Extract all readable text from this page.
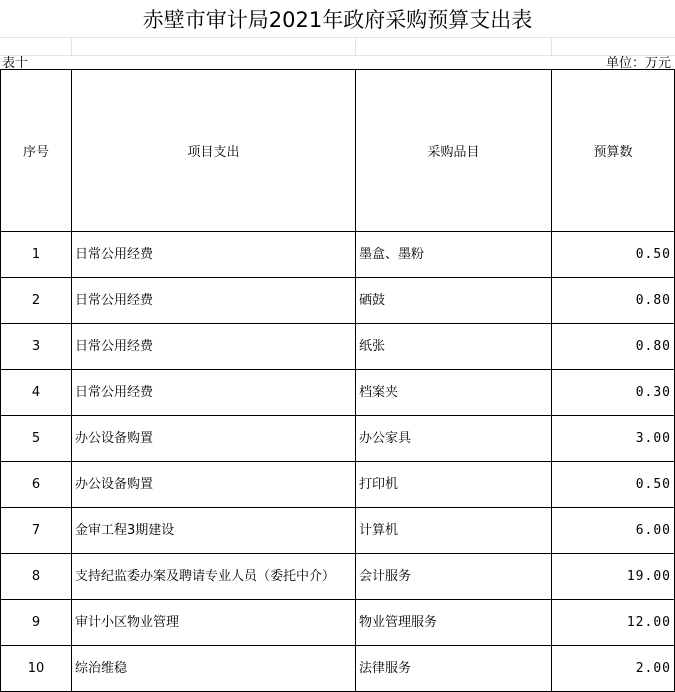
赤壁市审计局2021年政府采购预算支出表
表十	单位：万元
序号	项目支出	采购品目	预算数
1	日常公用经费	墨盒、墨粉	0.50
2	日常公用经费	硒鼓	0.80
3	日常公用经费	纸张	0.80
4	日常公用经费	档案夹	0.30
5	办公设备购置	办公家具	3.00
6	办公设备购置	打印机	0.50
7	金审工程3期建设	计算机	6.00
8	支持纪监委办案及聘请专业人员（委托中介）	会计服务	19.00
9	审计小区物业管理	物业管理服务	12.00
10	综治维稳	法律服务	2.00
